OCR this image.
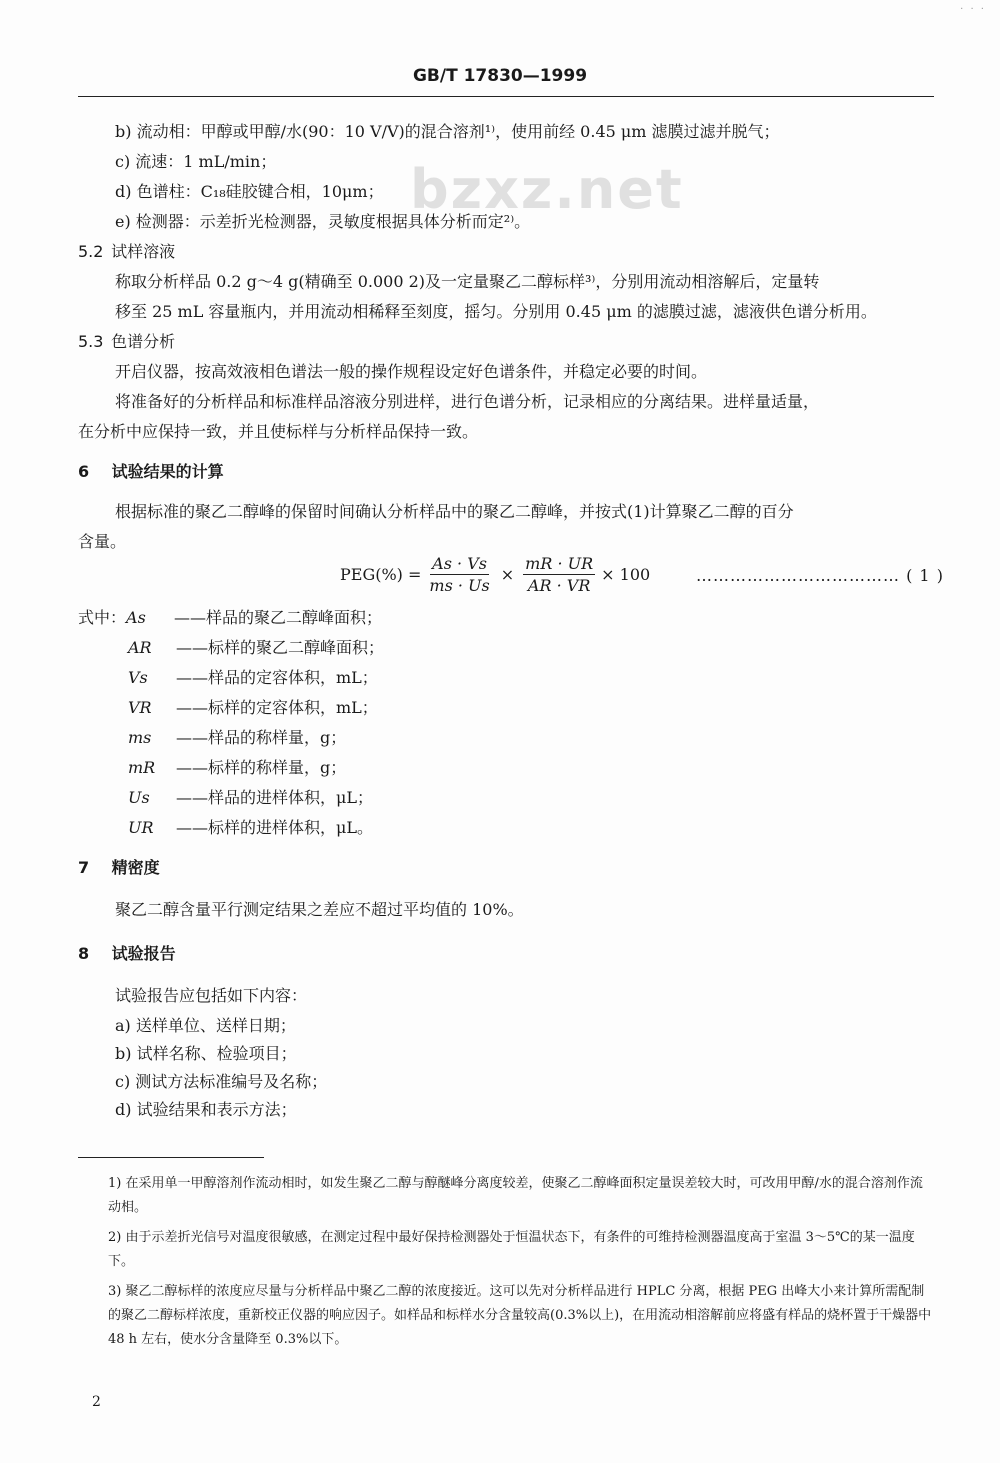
· · ·
GB/T 17830—1999
bzxz.net
b) 流动相：甲醇或甲醇/水(90：10 V/V)的混合溶剂¹⁾，使用前经 0.45 μm 滤膜过滤并脱气；
c) 流速：1 mL/min；
d) 色谱柱：C₁₈硅胶键合相，10μm；
e) 检测器：示差折光检测器，灵敏度根据具体分析而定²⁾。
5.2 试样溶液
称取分析样品 0.2 g～4 g(精确至 0.000 2)及一定量聚乙二醇标样³⁾，分别用流动相溶解后，定量转
移至 25 mL 容量瓶内，并用流动相稀释至刻度，摇匀。分别用 0.45 μm 的滤膜过滤，滤液供色谱分析用。
5.3 色谱分析
开启仪器，按高效液相色谱法一般的操作规程设定好色谱条件，并稳定必要的时间。
将准备好的分析样品和标准样品溶液分别进样，进行色谱分析，记录相应的分离结果。进样量适量，
在分析中应保持一致，并且使标样与分析样品保持一致。
6 试验结果的计算
根据标准的聚乙二醇峰的保留时间确认分析样品中的聚乙二醇峰，并按式(1)计算聚乙二醇的百分
含量。
$PEG(\%) = \frac{As \cdot Vs}{ms \cdot Us} \times \frac{mR \cdot UR}{AR \cdot VR} \times 100$	……………………………… ( 1 )
式中：As ——样品的聚乙二醇峰面积；
AR ——标样的聚乙二醇峰面积；
Vs ——样品的定容体积，mL；
VR ——标样的定容体积，mL；
ms ——样品的称样量，g；
mR ——标样的称样量，g；
Us ——样品的进样体积，μL；
UR ——标样的进样体积，μL。
7 精密度
聚乙二醇含量平行测定结果之差应不超过平均值的 10%。
8 试验报告
试验报告应包括如下内容：
a) 送样单位、送样日期；
b) 试样名称、检验项目；
c) 测试方法标准编号及名称；
d) 试验结果和表示方法；
1) 在采用单一甲醇溶剂作流动相时，如发生聚乙二醇与醇醚峰分离度较差，使聚乙二醇峰面积定量误差较大时，可改用甲醇/水的混合溶剂作流动相。
2) 由于示差折光信号对温度很敏感，在测定过程中最好保持检测器处于恒温状态下，有条件的可维持检测器温度高于室温 3～5℃的某一温度下。
3) 聚乙二醇标样的浓度应尽量与分析样品中聚乙二醇的浓度接近。这可以先对分析样品进行 HPLC 分离，根据 PEG 出峰大小来计算所需配制的聚乙二醇标样浓度，重新校正仪器的响应因子。如样品和标样水分含量较高(0.3%以上)，在用流动相溶解前应将盛有样品的烧杯置于干燥器中 48 h 左右，使水分含量降至 0.3%以下。
2
